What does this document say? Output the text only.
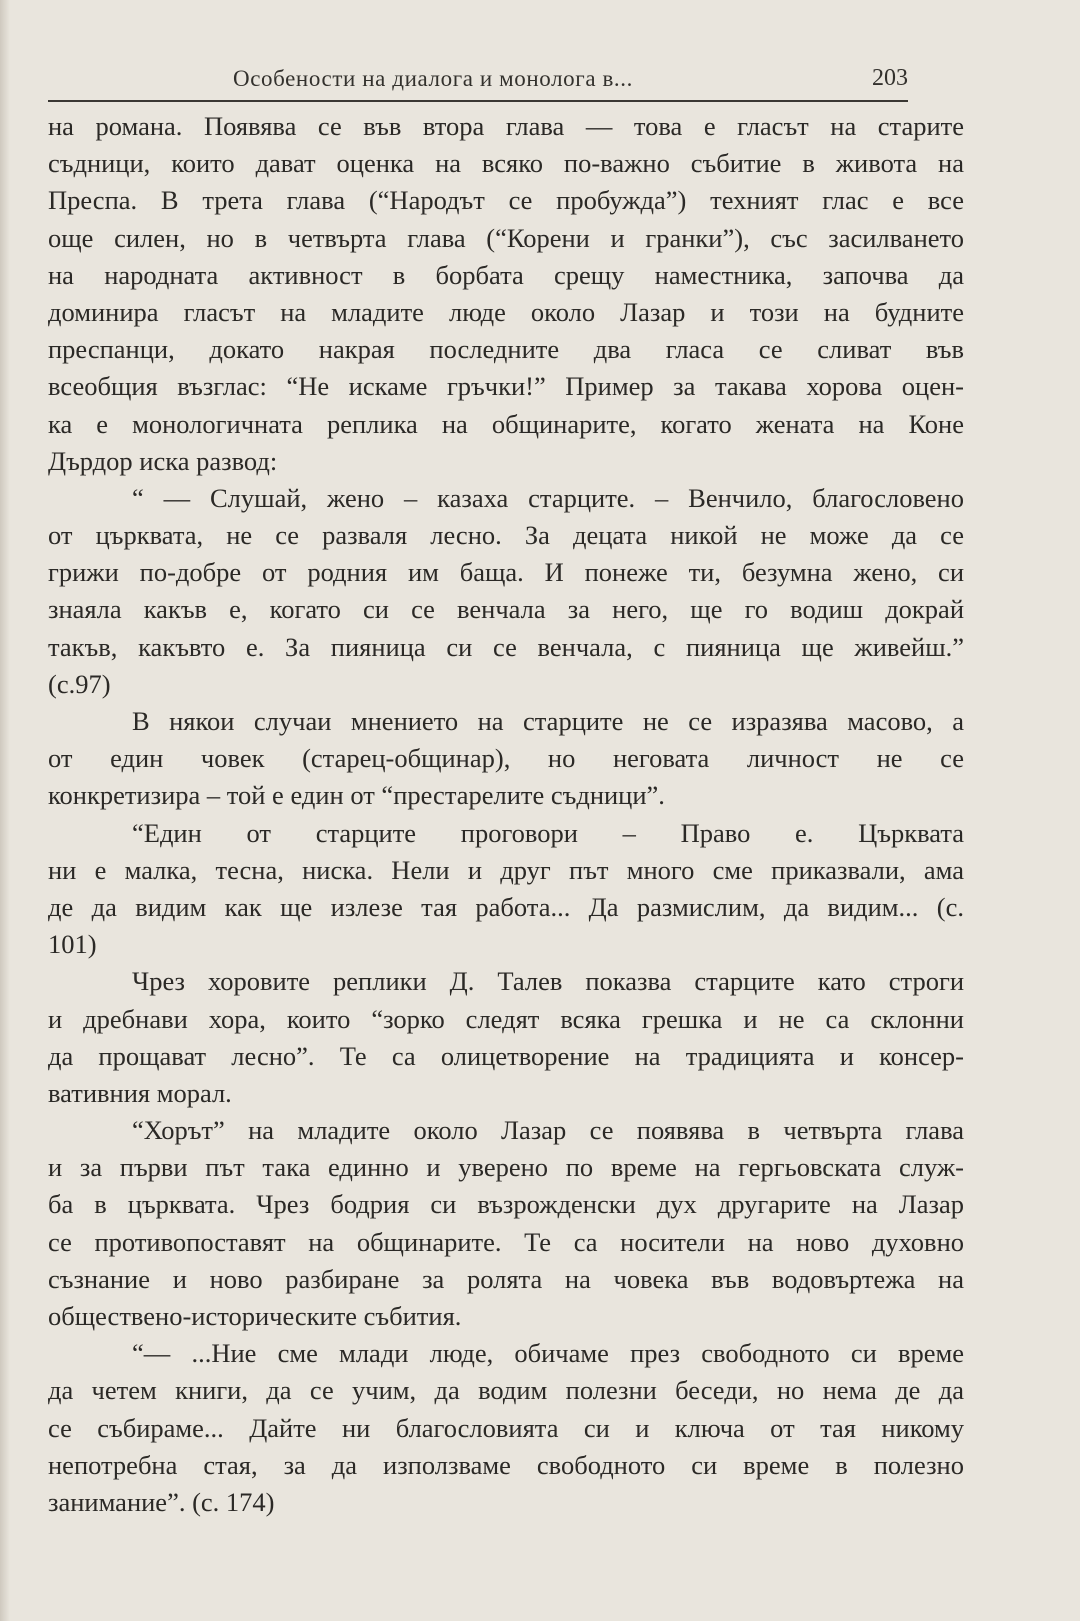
Особености на диалога и монолога в...	203
на романа. Появява се във втора глава — това е гласът на старите
съдници, които дават оценка на всяко по-важно събитие в живота на
Преспа. В трета глава (“Народът се пробужда”) техният глас е все
още силен, но в четвърта глава (“Корени и гранки”), със засилването
на народната активност в борбата срещу наместника, започва да
доминира гласът на младите люде около Лазар и този на будните
преспанци, докато накрая последните два гласа се сливат във
всеобщия възглас: “Не искаме гръчки!” Пример за такава хорова оцен-
ка е монологичната реплика на общинарите, когато жената на Коне
Дърдор иска развод:
“ — Слушай, жено – казаха старците. – Венчило, благословено
от църквата, не се разваля лесно. За децата никой не може да се
грижи по-добре от родния им баща. И понеже ти, безумна жено, си
знаяла какъв е, когато си се венчала за него, ще го водиш докрай
такъв, какъвто е. За пияница си се венчала, с пияница ще живейш.”
(с.97)
В някои случаи мнението на старците не се изразява масово, а
от един човек (старец-общинар), но неговата личност не се
конкретизира – той е един от “престарелите съдници”.
“Един от старците проговори – Право е. Църквата
ни е малка, тесна, ниска. Нели и друг път много сме приказвали, ама
де да видим как ще излезе тая работа... Да размислим, да видим... (с.
101)
Чрез хоровите реплики Д. Талев показва старците като строги
и дребнави хора, които “зорко следят всяка грешка и не са склонни
да прощават лесно”. Те са олицетворение на традицията и консер-
вативния морал.
“Хорът” на младите около Лазар се появява в четвърта глава
и за първи път така единно и уверено по време на гергьовската служ-
ба в църквата. Чрез бодрия си възрожденски дух другарите на Лазар
се противопоставят на общинарите. Те са носители на ново духовно
съзнание и ново разбиране за ролята на човека във водовъртежа на
обществено-историческите събития.
“— ...Ние сме млади люде, обичаме през свободното си време
да четем книги, да се учим, да водим полезни беседи, но нема де да
се събираме... Дайте ни благословията си и ключа от тая никому
непотребна стая, за да използваме свободното си време в полезно
занимание”. (с. 174)
